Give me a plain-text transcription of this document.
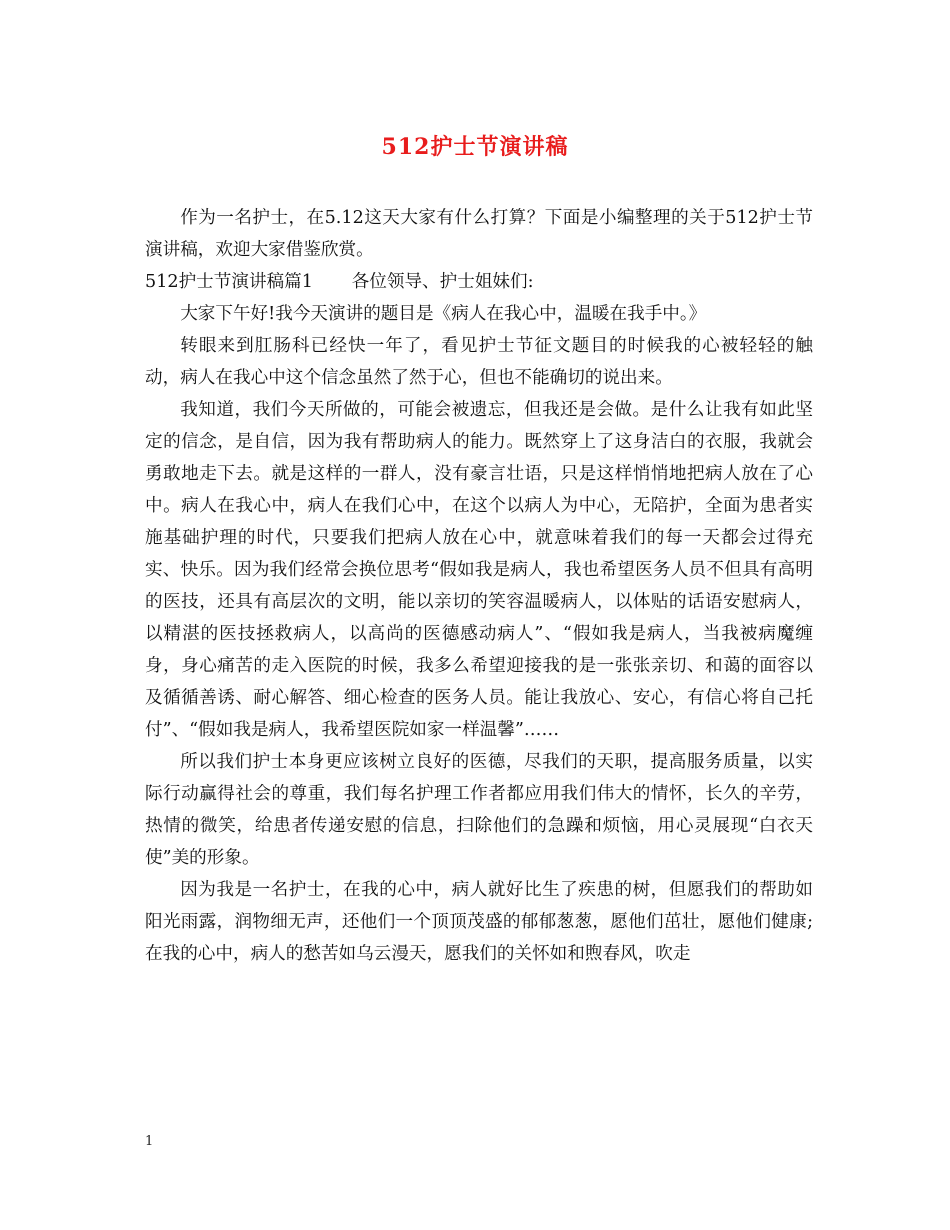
512护士节演讲稿

作为一名护士，在5.12这天大家有什么打算？下面是小编整理的关于512护士节演讲稿，欢迎大家借鉴欣赏。

512护士节演讲稿篇1 各位领导、护士姐妹们:

大家下午好!我今天演讲的题目是《病人在我心中，温暖在我手中。》

转眼来到肛肠科已经快一年了，看见护士节征文题目的时候我的心被轻轻的触动，病人在我心中这个信念虽然了然于心，但也不能确切的说出来。

我知道，我们今天所做的，可能会被遗忘，但我还是会做。是什么让我有如此坚定的信念，是自信，因为我有帮助病人的能力。既然穿上了这身洁白的衣服，我就会勇敢地走下去。就是这样的一群人，没有豪言壮语，只是这样悄悄地把病人放在了心中。病人在我心中，病人在我们心中，在这个以病人为中心，无陪护，全面为患者实施基础护理的时代，只要我们把病人放在心中，就意味着我们的每一天都会过得充实、快乐。因为我们经常会换位思考“假如我是病人，我也希望医务人员不但具有高明的医技，还具有高层次的文明，能以亲切的笑容温暖病人，以体贴的话语安慰病人，以精湛的医技拯救病人，以高尚的医德感动病人”、“假如我是病人，当我被病魔缠身，身心痛苦的走入医院的时候，我多么希望迎接我的是一张张亲切、和蔼的面容以及循循善诱、耐心解答、细心检查的医务人员。能让我放心、安心，有信心将自己托付”、“假如我是病人，我希望医院如家一样温馨”……

所以我们护士本身更应该树立良好的医德，尽我们的天职，提高服务质量，以实际行动赢得社会的尊重，我们每名护理工作者都应用我们伟大的情怀，长久的辛劳，热情的微笑，给患者传递安慰的信息，扫除他们的急躁和烦恼，用心灵展现“白衣天使”美的形象。

因为我是一名护士，在我的心中，病人就好比生了疾患的树，但愿我们的帮助如阳光雨露，润物细无声，还他们一个顶顶茂盛的郁郁葱葱，愿他们茁壮，愿他们健康;在我的心中，病人的愁苦如乌云漫天，愿我们的关怀如和煦春风，吹走

1
